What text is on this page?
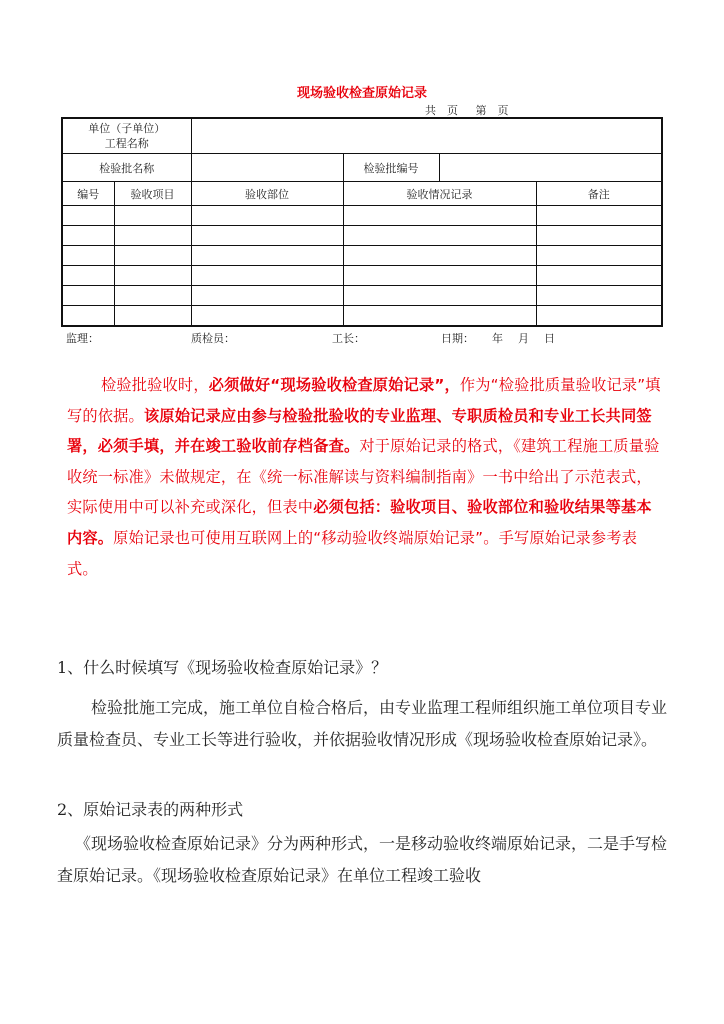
现场验收检查原始记录
共　页 第　页
单位（子单位）
工程名称					
检验批名称			检验批编号		
编号	验收项目	验收部位	验收情况记录		备注

监理：	质检员：	工长：	日期： 年 月 日
检验批验收时，必须做好“现场验收检查原始记录”，作为“检验批质量验收记录”填写的依据。该原始记录应由参与检验批验收的专业监理、专职质检员和专业工长共同签署，必须手填，并在竣工验收前存档备查。对于原始记录的格式，《建筑工程施工质量验收统一标准》未做规定，在《统一标准解读与资料编制指南》一书中给出了示范表式，实际使用中可以补充或深化，但表中必须包括：验收项目、验收部位和验收结果等基本内容。原始记录也可使用互联网上的“移动验收终端原始记录”。手写原始记录参考表式。
1、什么时候填写《现场验收检查原始记录》？
检验批施工完成，施工单位自检合格后，由专业监理工程师组织施工单位项目专业质量检查员、专业工长等进行验收，并依据验收情况形成《现场验收检查原始记录》。
2、原始记录表的两种形式
《现场验收检查原始记录》分为两种形式，一是移动验收终端原始记录，二是手写检查原始记录。《现场验收检查原始记录》在单位工程竣工验收
